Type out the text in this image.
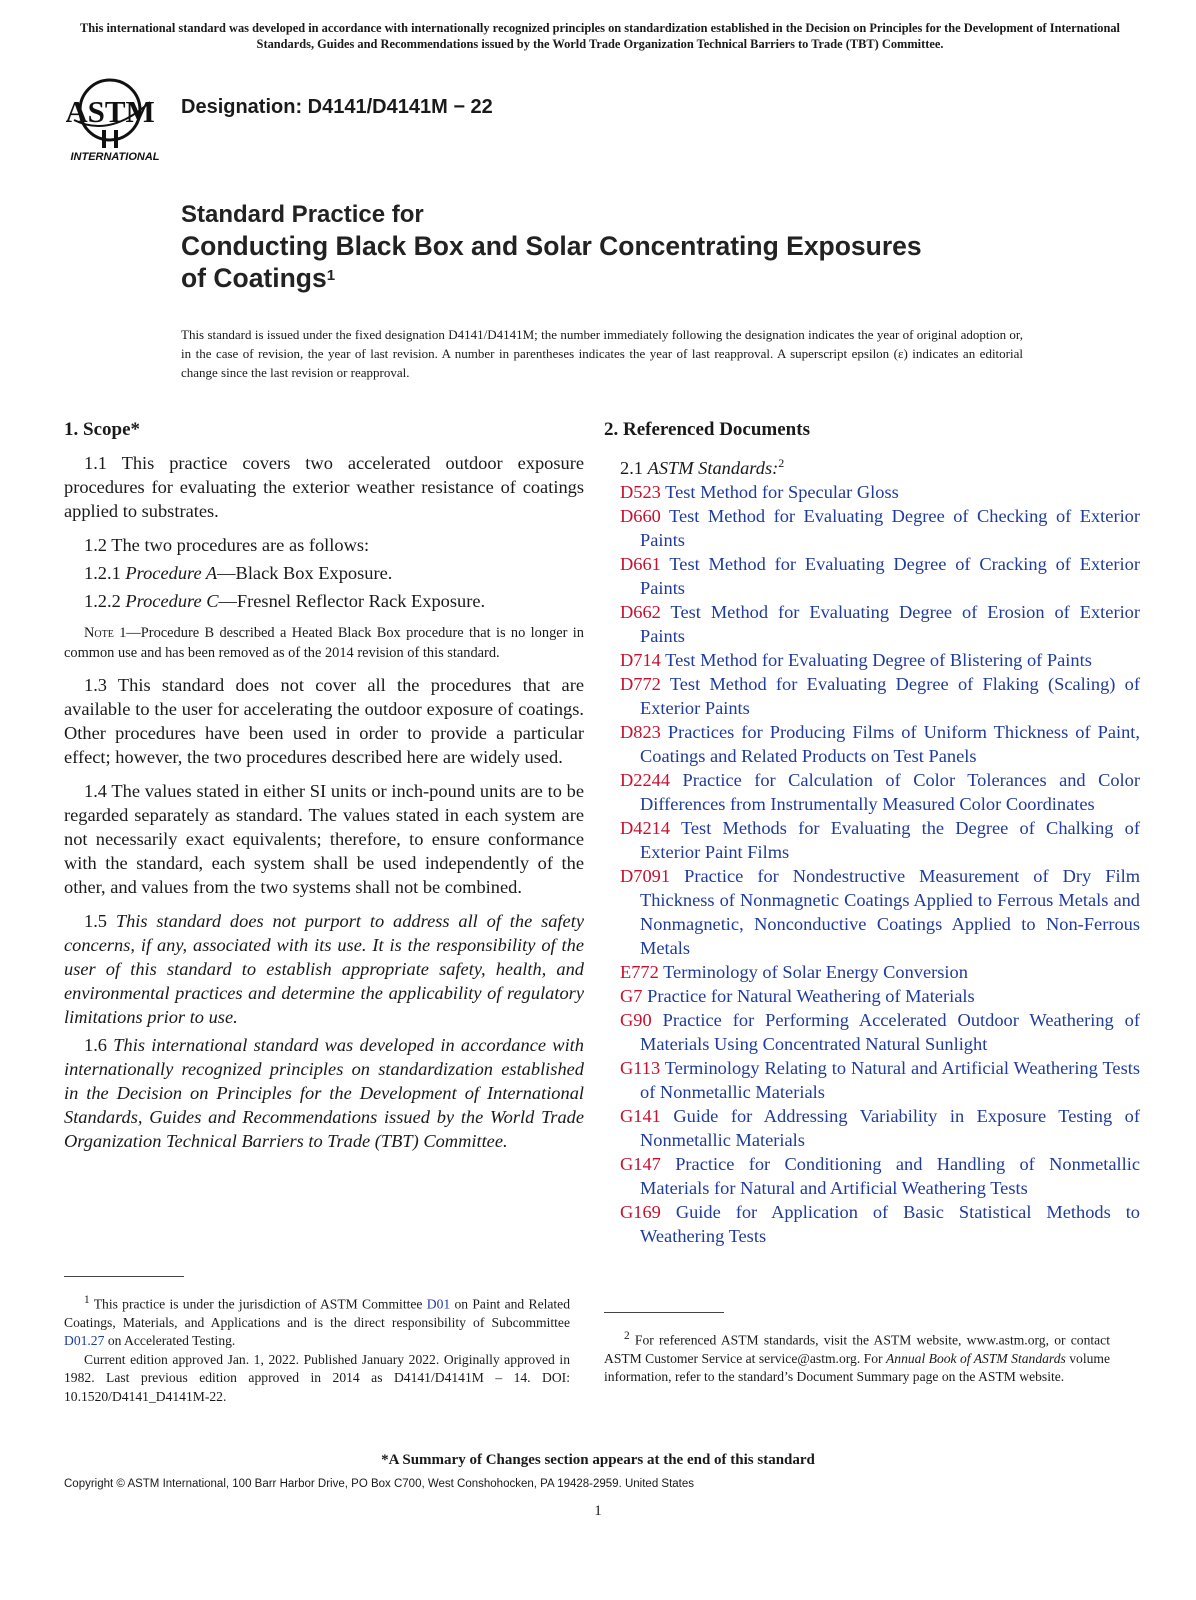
This international standard was developed in accordance with internationally recognized principles on standardization established in the Decision on Principles for the Development of International Standards, Guides and Recommendations issued by the World Trade Organization Technical Barriers to Trade (TBT) Committee.
ASTM
INTERNATIONAL
Designation: D4141/D4141M − 22
Standard Practice for
Conducting Black Box and Solar Concentrating Exposures
of Coatings$^1$
This standard is issued under the fixed designation D4141/D4141M; the number immediately following the designation indicates the year of original adoption or, in the case of revision, the year of last revision. A number in parentheses indicates the year of last reapproval. A superscript epsilon (ε) indicates an editorial change since the last revision or reapproval.
1. Scope*

1.1 This practice covers two accelerated outdoor exposure procedures for evaluating the exterior weather resistance of coatings applied to substrates.

1.2 The two procedures are as follows:

1.2.1 Procedure A—Black Box Exposure.

1.2.2 Procedure C—Fresnel Reflector Rack Exposure.

Note 1—Procedure B described a Heated Black Box procedure that is no longer in common use and has been removed as of the 2014 revision of this standard.

1.3 This standard does not cover all the procedures that are available to the user for accelerating the outdoor exposure of coatings. Other procedures have been used in order to provide a particular effect; however, the two procedures described here are widely used.

1.4 The values stated in either SI units or inch-pound units are to be regarded separately as standard. The values stated in each system are not necessarily exact equivalents; therefore, to ensure conformance with the standard, each system shall be used independently of the other, and values from the two systems shall not be combined.

1.5 This standard does not purport to address all of the safety concerns, if any, associated with its use. It is the responsibility of the user of this standard to establish appropriate safety, health, and environmental practices and determine the applicability of regulatory limitations prior to use.

1.6 This international standard was developed in accordance with internationally recognized principles on standardization established in the Decision on Principles for the Development of International Standards, Guides and Recommendations issued by the World Trade Organization Technical Barriers to Trade (TBT) Committee.

2. Referenced Documents

2.1 ASTM Standards:$^2$

D523 Test Method for Specular Gloss

D660 Test Method for Evaluating Degree of Checking of Exterior Paints

D661 Test Method for Evaluating Degree of Cracking of Exterior Paints

D662 Test Method for Evaluating Degree of Erosion of Exterior Paints

D714 Test Method for Evaluating Degree of Blistering of Paints

D772 Test Method for Evaluating Degree of Flaking (Scaling) of Exterior Paints

D823 Practices for Producing Films of Uniform Thickness of Paint, Coatings and Related Products on Test Panels

D2244 Practice for Calculation of Color Tolerances and Color Differences from Instrumentally Measured Color Coordinates

D4214 Test Methods for Evaluating the Degree of Chalking of Exterior Paint Films

D7091 Practice for Nondestructive Measurement of Dry Film Thickness of Nonmagnetic Coatings Applied to Ferrous Metals and Nonmagnetic, Nonconductive Coatings Applied to Non-Ferrous Metals

E772 Terminology of Solar Energy Conversion

G7 Practice for Natural Weathering of Materials

G90 Practice for Performing Accelerated Outdoor Weathering of Materials Using Concentrated Natural Sunlight

G113 Terminology Relating to Natural and Artificial Weathering Tests of Nonmetallic Materials

G141 Guide for Addressing Variability in Exposure Testing of Nonmetallic Materials

G147 Practice for Conditioning and Handling of Nonmetallic Materials for Natural and Artificial Weathering Tests

G169 Guide for Application of Basic Statistical Methods to Weathering Tests

$^1$ This practice is under the jurisdiction of ASTM Committee D01 on Paint and Related Coatings, Materials, and Applications and is the direct responsibility of Subcommittee D01.27 on Accelerated Testing.

Current edition approved Jan. 1, 2022. Published January 2022. Originally approved in 1982. Last previous edition approved in 2014 as D4141/D4141M – 14. DOI: 10.1520/D4141_D4141M-22.

$^2$ For referenced ASTM standards, visit the ASTM website, www.astm.org, or contact ASTM Customer Service at service@astm.org. For Annual Book of ASTM Standards volume information, refer to the standard’s Document Summary page on the ASTM website.

*A Summary of Changes section appears at the end of this standard
Copyright © ASTM International, 100 Barr Harbor Drive, PO Box C700, West Conshohocken, PA 19428-2959. United States
1
